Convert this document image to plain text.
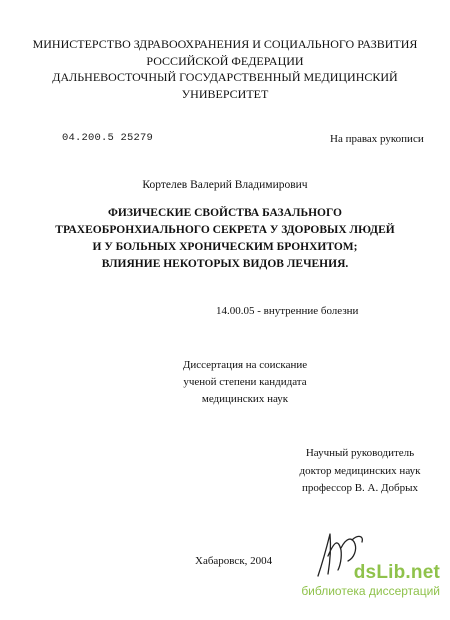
МИНИСТЕРСТВО ЗДРАВООХРАНЕНИЯ И СОЦИАЛЬНОГО РАЗВИТИЯ
РОССИЙСКОЙ ФЕДЕРАЦИИ
ДАЛЬНЕВОСТОЧНЫЙ ГОСУДАРСТВЕННЫЙ МЕДИЦИНСКИЙ
УНИВЕРСИТЕТ
04.200.5 25279	На правах рукописи
Кортелев Валерий Владимирович
ФИЗИЧЕСКИЕ СВОЙСТВА БАЗАЛЬНОГО
ТРАХЕОБРОНХИАЛЬНОГО СЕКРЕТА У ЗДОРОВЫХ ЛЮДЕЙ
И У БОЛЬНЫХ ХРОНИЧЕСКИМ БРОНХИТОМ;
ВЛИЯНИЕ НЕКОТОРЫХ ВИДОВ ЛЕЧЕНИЯ.
14.00.05 - внутренние болезни
Диссертация на соискание
ученой степени кандидата
медицинских наук
Научный руководитель
доктор медицинских наук
профессор В. А. Добрых
Хабаровск, 2004
dsLib.net
библиотека диссертаций
